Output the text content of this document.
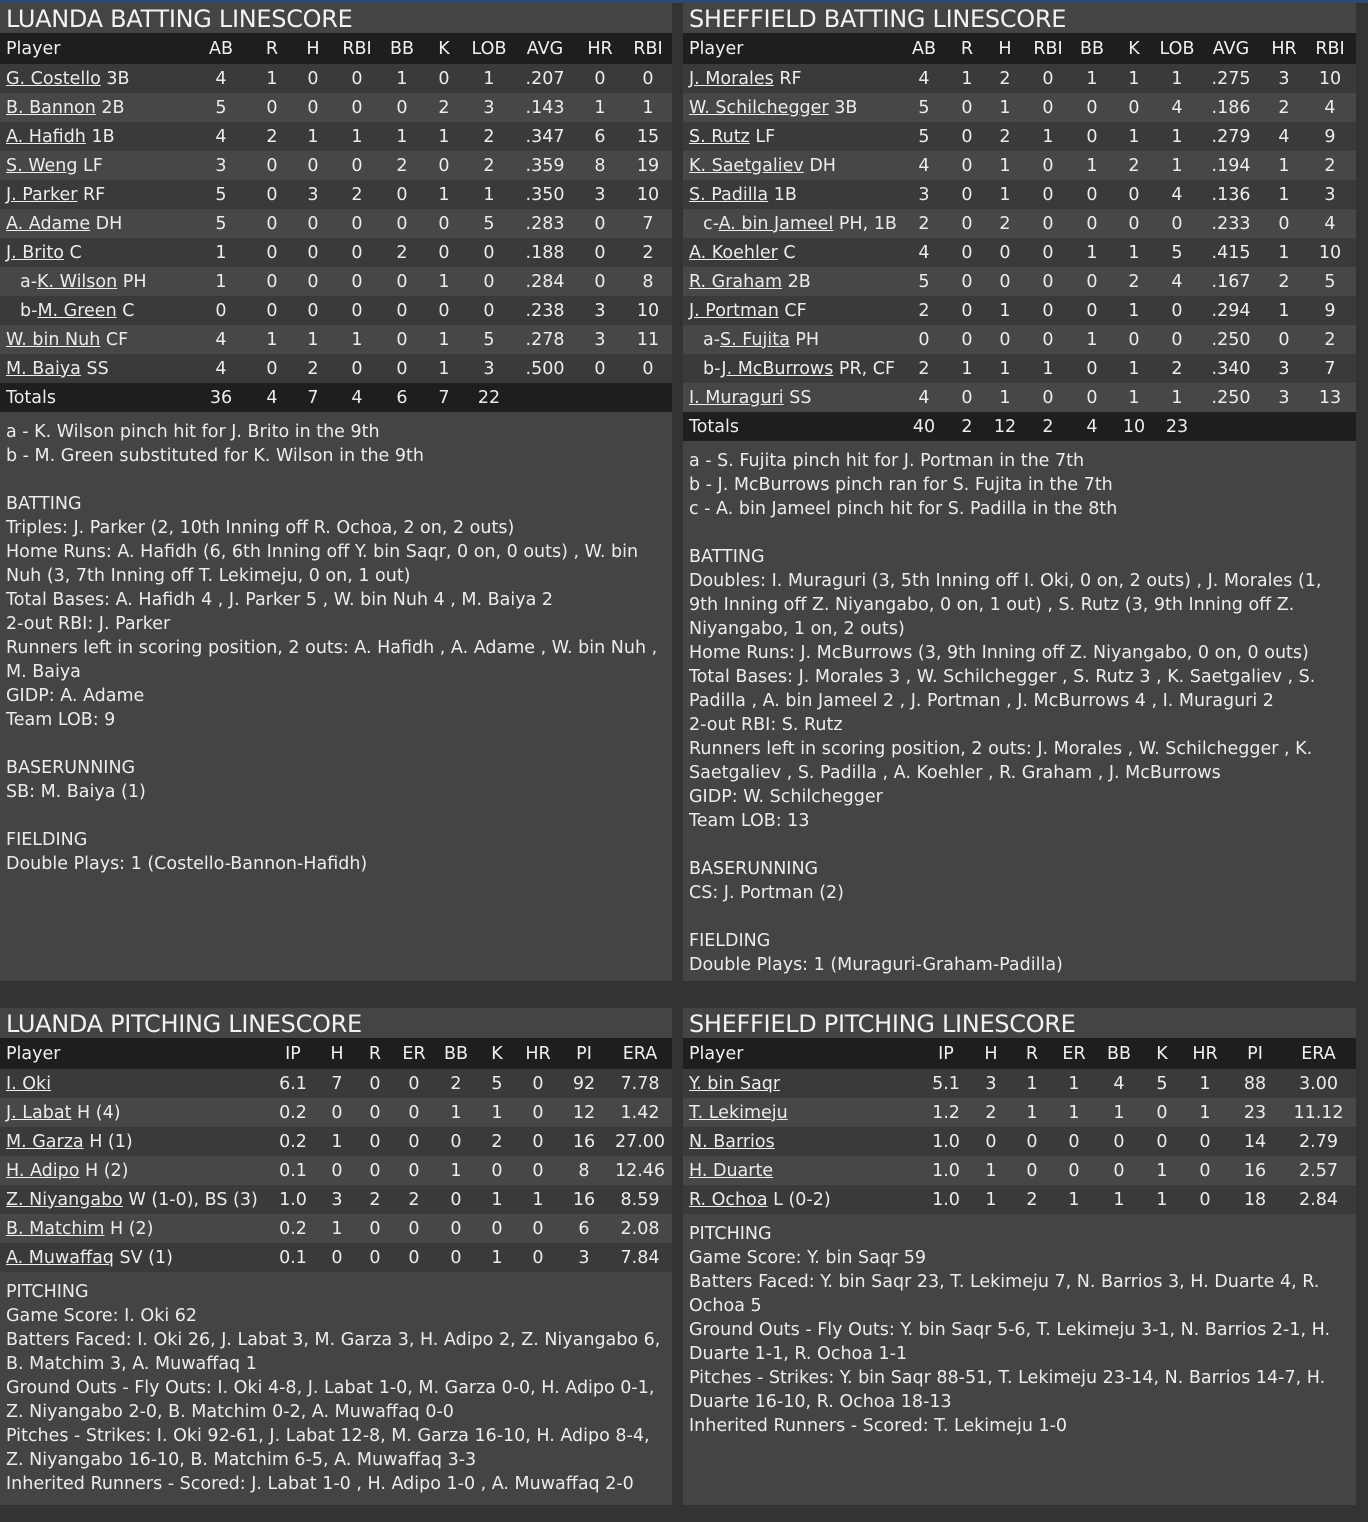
LUANDA BATTING LINESCORE
Player	AB	R	H	RBI	BB	K	LOB	AVG	HR	RBI
G. Costello 3B	4	1	0	0	1	0	1	.207	0	0
B. Bannon 2B	5	0	0	0	0	2	3	.143	1	1
A. Hafidh 1B	4	2	1	1	1	1	2	.347	6	15
S. Weng LF	3	0	0	0	2	0	2	.359	8	19
J. Parker RF	5	0	3	2	0	1	1	.350	3	10
A. Adame DH	5	0	0	0	0	0	5	.283	0	7
J. Brito C	1	0	0	0	2	0	0	.188	0	2
a-K. Wilson PH	1	0	0	0	0	1	0	.284	0	8
b-M. Green C	0	0	0	0	0	0	0	.238	3	10
W. bin Nuh CF	4	1	1	1	0	1	5	.278	3	11
M. Baiya SS	4	0	2	0	0	1	3	.500	0	0
Totals	36	4	7	4	6	7	22			
a - K. Wilson pinch hit for J. Brito in the 9th
b - M. Green substituted for K. Wilson in the 9th
BATTING
Triples: J. Parker (2, 10th Inning off R. Ochoa, 2 on, 2 outs)
Home Runs: A. Hafidh (6, 6th Inning off Y. bin Saqr, 0 on, 0 outs) , W. bin Nuh (3, 7th Inning off T. Lekimeju, 0 on, 1 out)
Total Bases: A. Hafidh 4 , J. Parker 5 , W. bin Nuh 4 , M. Baiya 2
2-out RBI: J. Parker
Runners left in scoring position, 2 outs: A. Hafidh , A. Adame , W. bin Nuh , M. Baiya
GIDP: A. Adame
Team LOB: 9
BASERUNNING
SB: M. Baiya (1)
FIELDING
Double Plays: 1 (Costello-Bannon-Hafidh)
SHEFFIELD BATTING LINESCORE
Player	AB	R	H	RBI	BB	K	LOB	AVG	HR	RBI
J. Morales RF	4	1	2	0	1	1	1	.275	3	10
W. Schilchegger 3B	5	0	1	0	0	0	4	.186	2	4
S. Rutz LF	5	0	2	1	0	1	1	.279	4	9
K. Saetgaliev DH	4	0	1	0	1	2	1	.194	1	2
S. Padilla 1B	3	0	1	0	0	0	4	.136	1	3
c-A. bin Jameel PH, 1B	2	0	2	0	0	0	0	.233	0	4
A. Koehler C	4	0	0	0	1	1	5	.415	1	10
R. Graham 2B	5	0	0	0	0	2	4	.167	2	5
J. Portman CF	2	0	1	0	0	1	0	.294	1	9
a-S. Fujita PH	0	0	0	0	1	0	0	.250	0	2
b-J. McBurrows PR, CF	2	1	1	1	0	1	2	.340	3	7
I. Muraguri SS	4	0	1	0	0	1	1	.250	3	13
Totals	40	2	12	2	4	10	23			
a - S. Fujita pinch hit for J. Portman in the 7th
b - J. McBurrows pinch ran for S. Fujita in the 7th
c - A. bin Jameel pinch hit for S. Padilla in the 8th
BATTING
Doubles: I. Muraguri (3, 5th Inning off I. Oki, 0 on, 2 outs) , J. Morales (1, 9th Inning off Z. Niyangabo, 0 on, 1 out) , S. Rutz (3, 9th Inning off Z. Niyangabo, 1 on, 2 outs)
Home Runs: J. McBurrows (3, 9th Inning off Z. Niyangabo, 0 on, 0 outs)
Total Bases: J. Morales 3 , W. Schilchegger , S. Rutz 3 , K. Saetgaliev , S. Padilla , A. bin Jameel 2 , J. Portman , J. McBurrows 4 , I. Muraguri 2
2-out RBI: S. Rutz
Runners left in scoring position, 2 outs: J. Morales , W. Schilchegger , K. Saetgaliev , S. Padilla , A. Koehler , R. Graham , J. McBurrows
GIDP: W. Schilchegger
Team LOB: 13
BASERUNNING
CS: J. Portman (2)
FIELDING
Double Plays: 1 (Muraguri-Graham-Padilla)
LUANDA PITCHING LINESCORE
Player	IP	H	R	ER	BB	K	HR	PI	ERA
I. Oki	6.1	7	0	0	2	5	0	92	7.78
J. Labat H (4)	0.2	0	0	0	1	1	0	12	1.42
M. Garza H (1)	0.2	1	0	0	0	2	0	16	27.00
H. Adipo H (2)	0.1	0	0	0	1	0	0	8	12.46
Z. Niyangabo W (1-0), BS (3)	1.0	3	2	2	0	1	1	16	8.59
B. Matchim H (2)	0.2	1	0	0	0	0	0	6	2.08
A. Muwaffaq SV (1)	0.1	0	0	0	0	1	0	3	7.84
PITCHING
Game Score: I. Oki 62
Batters Faced: I. Oki 26, J. Labat 3, M. Garza 3, H. Adipo 2, Z. Niyangabo 6, B. Matchim 3, A. Muwaffaq 1
Ground Outs - Fly Outs: I. Oki 4-8, J. Labat 1-0, M. Garza 0-0, H. Adipo 0-1, Z. Niyangabo 2-0, B. Matchim 0-2, A. Muwaffaq 0-0
Pitches - Strikes: I. Oki 92-61, J. Labat 12-8, M. Garza 16-10, H. Adipo 8-4, Z. Niyangabo 16-10, B. Matchim 6-5, A. Muwaffaq 3-3
Inherited Runners - Scored: J. Labat 1-0 , H. Adipo 1-0 , A. Muwaffaq 2-0
SHEFFIELD PITCHING LINESCORE
Player	IP	H	R	ER	BB	K	HR	PI	ERA
Y. bin Saqr	5.1	3	1	1	4	5	1	88	3.00
T. Lekimeju	1.2	2	1	1	1	0	1	23	11.12
N. Barrios	1.0	0	0	0	0	0	0	14	2.79
H. Duarte	1.0	1	0	0	0	1	0	16	2.57
R. Ochoa L (0-2)	1.0	1	2	1	1	1	0	18	2.84
PITCHING
Game Score: Y. bin Saqr 59
Batters Faced: Y. bin Saqr 23, T. Lekimeju 7, N. Barrios 3, H. Duarte 4, R. Ochoa 5
Ground Outs - Fly Outs: Y. bin Saqr 5-6, T. Lekimeju 3-1, N. Barrios 2-1, H. Duarte 1-1, R. Ochoa 1-1
Pitches - Strikes: Y. bin Saqr 88-51, T. Lekimeju 23-14, N. Barrios 14-7, H. Duarte 16-10, R. Ochoa 18-13
Inherited Runners - Scored: T. Lekimeju 1-0
